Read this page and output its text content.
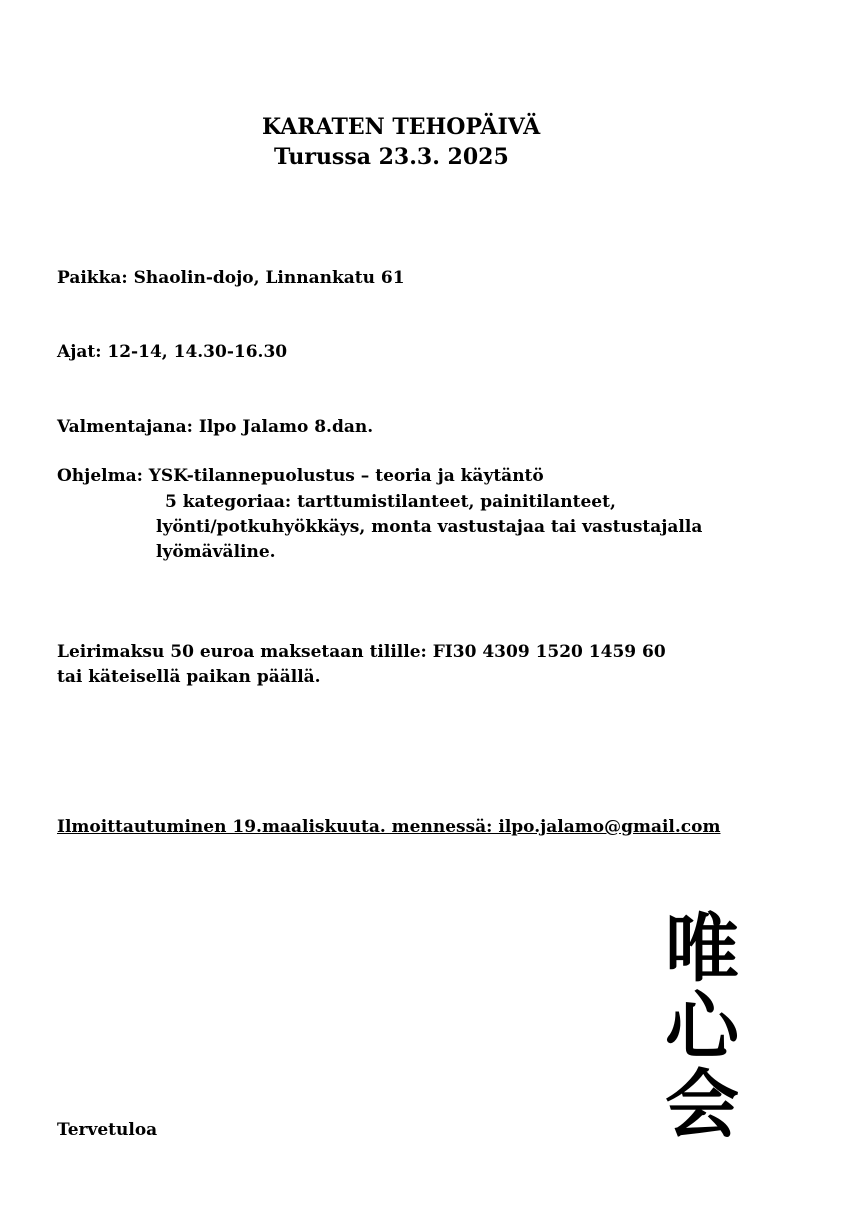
KARATEN TEHOPÄIVÄ
Turussa 23.3. 2025
Paikka: Shaolin-dojo, Linnankatu 61
Ajat: 12-14, 14.30-16.30
Valmentajana: Ilpo Jalamo 8.dan.
Ohjelma: YSK-tilannepuolustus – teoria ja käytäntö
5 kategoriaa: tarttumistilanteet, painitilanteet,
lyönti/potkuhyökkäys, monta vastustajaa tai vastustajalla
lyömäväline.
Leirimaksu 50 euroa maksetaan tilille: FI30 4309 1520 1459 60
tai käteisellä paikan päällä.
Ilmoittautuminen 19.maaliskuuta. mennessä: ilpo.jalamo@gmail.com
唯
心
会
Tervetuloa
